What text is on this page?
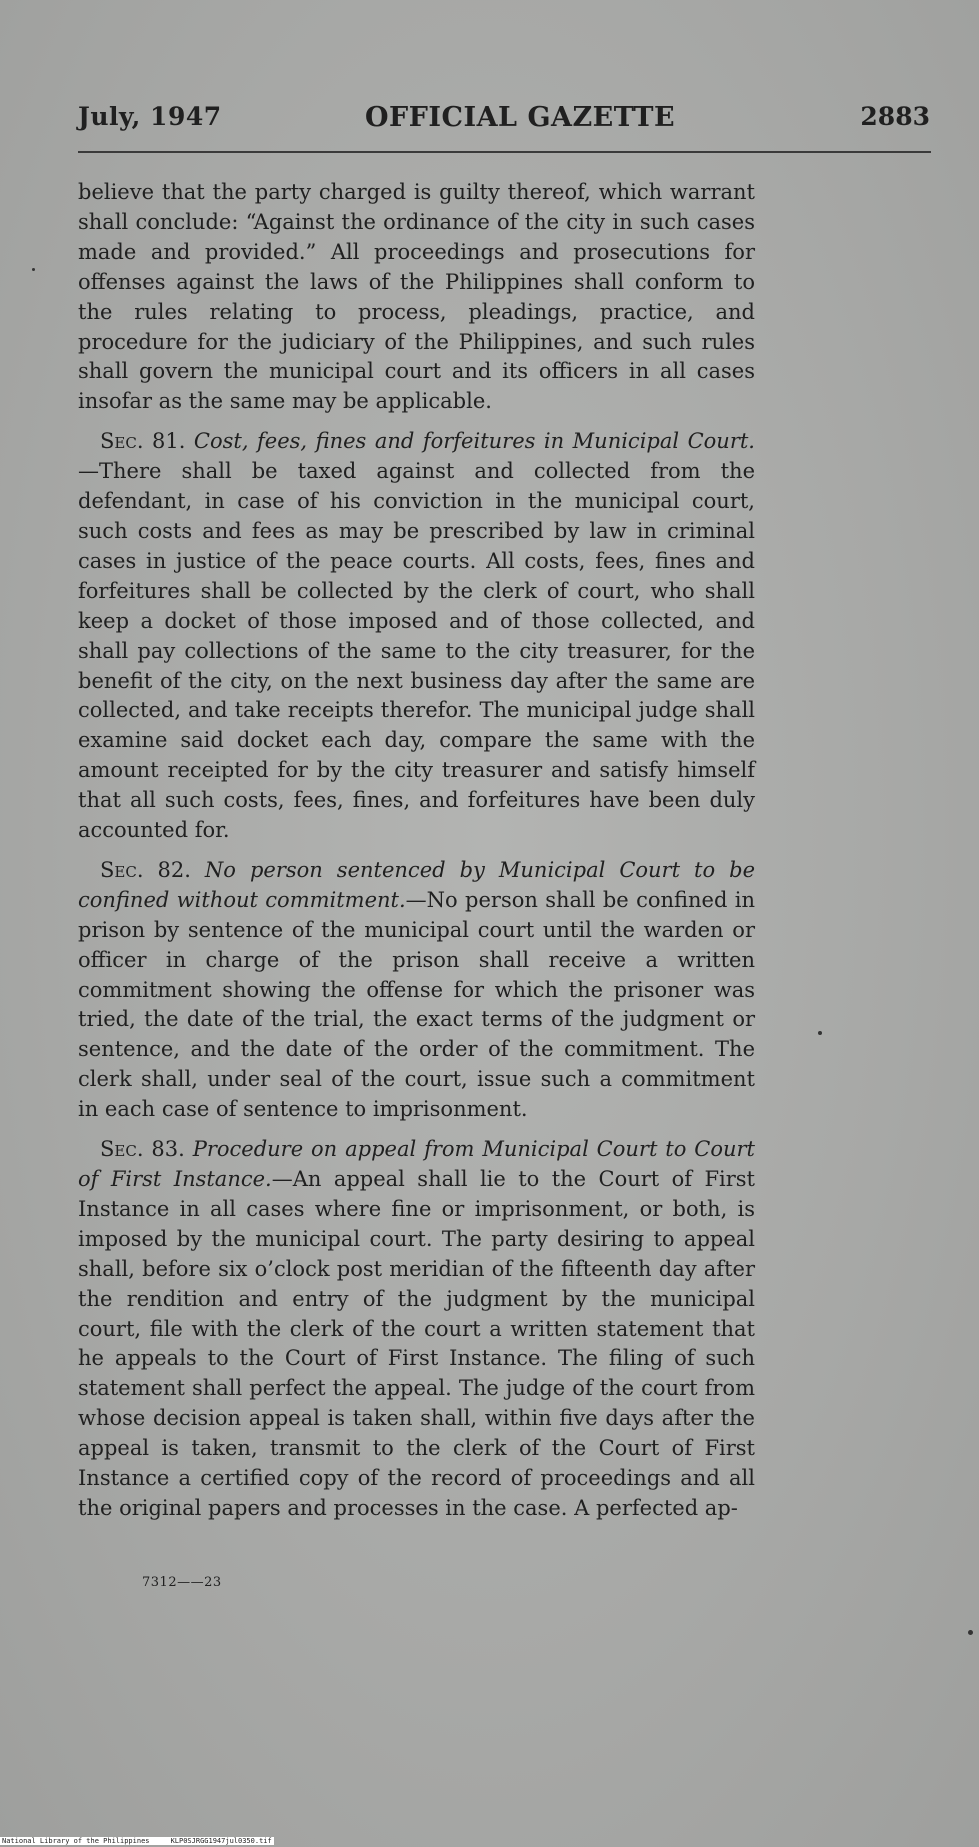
July, 1947	OFFICIAL GAZETTE	2883

believe that the party charged is guilty thereof, which warrant shall conclude: “Against the ordinance of the city in such cases made and provided.” All proceedings and prosecutions for offenses against the laws of the Philippines shall conform to the rules relating to process, pleadings, practice, and procedure for the judiciary of the Philippines, and such rules shall govern the municipal court and its officers in all cases insofar as the same may be applicable.

Sec. 81. Cost, fees, fines and forfeitures in Municipal Court.—There shall be taxed against and collected from the defendant, in case of his conviction in the municipal court, such costs and fees as may be prescribed by law in criminal cases in justice of the peace courts. All costs, fees, fines and forfeitures shall be collected by the clerk of court, who shall keep a docket of those imposed and of those collected, and shall pay collections of the same to the city treasurer, for the benefit of the city, on the next business day after the same are collected, and take receipts therefor. The municipal judge shall examine said docket each day, compare the same with the amount receipted for by the city treasurer and satisfy himself that all such costs, fees, fines, and forfeitures have been duly accounted for.

Sec. 82. No person sentenced by Municipal Court to be confined without commitment.—No person shall be confined in prison by sentence of the municipal court until the warden or officer in charge of the prison shall receive a written commitment showing the offense for which the prisoner was tried, the date of the trial, the exact terms of the judgment or sentence, and the date of the order of the commitment. The clerk shall, under seal of the court, issue such a commitment in each case of sentence to imprisonment.

Sec. 83. Procedure on appeal from Municipal Court to Court of First Instance.—An appeal shall lie to the Court of First Instance in all cases where fine or imprisonment, or both, is imposed by the municipal court. The party desiring to appeal shall, before six o’clock post meridian of the fifteenth day after the rendition and entry of the judgment by the municipal court, file with the clerk of the court a written statement that he appeals to the Court of First Instance. The filing of such statement shall perfect the appeal. The judge of the court from whose decision appeal is taken shall, within five days after the appeal is taken, transmit to the clerk of the Court of First Instance a certified copy of the record of proceedings and all the original papers and processes in the case. A perfected ap-

7312——23
National Library of the Philippines     KLP0SJRGG1947jul0350.tif
